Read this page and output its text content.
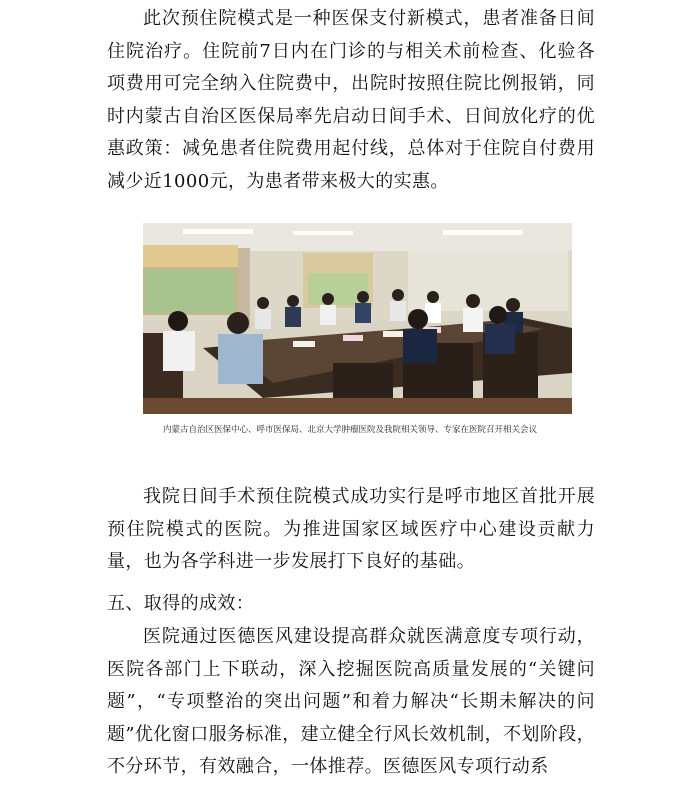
此次预住院模式是一种医保支付新模式，患者准备日间住院治疗。住院前7日内在门诊的与相关术前检查、化验各项费用可完全纳入住院费中，出院时按照住院比例报销，同时内蒙古自治区医保局率先启动日间手术、日间放化疗的优惠政策：减免患者住院费用起付线，总体对于住院自付费用减少近1000元，为患者带来极大的实惠。

内蒙古自治区医保中心、呼市医保局、北京大学肿瘤医院及我院相关领导、专家在医院召开相关会议

我院日间手术预住院模式成功实行是呼市地区首批开展预住院模式的医院。为推进国家区域医疗中心建设贡献力量，也为各学科进一步发展打下良好的基础。

五、取得的成效：

医院通过医德医风建设提高群众就医满意度专项行动，医院各部门上下联动，深入挖掘医院高质量发展的“关键问题”，“专项整治的突出问题”和着力解决“长期未解决的问题”优化窗口服务标准，建立健全行风长效机制，不划阶段，不分环节，有效融合，一体推荐。医德医风专项行动系
